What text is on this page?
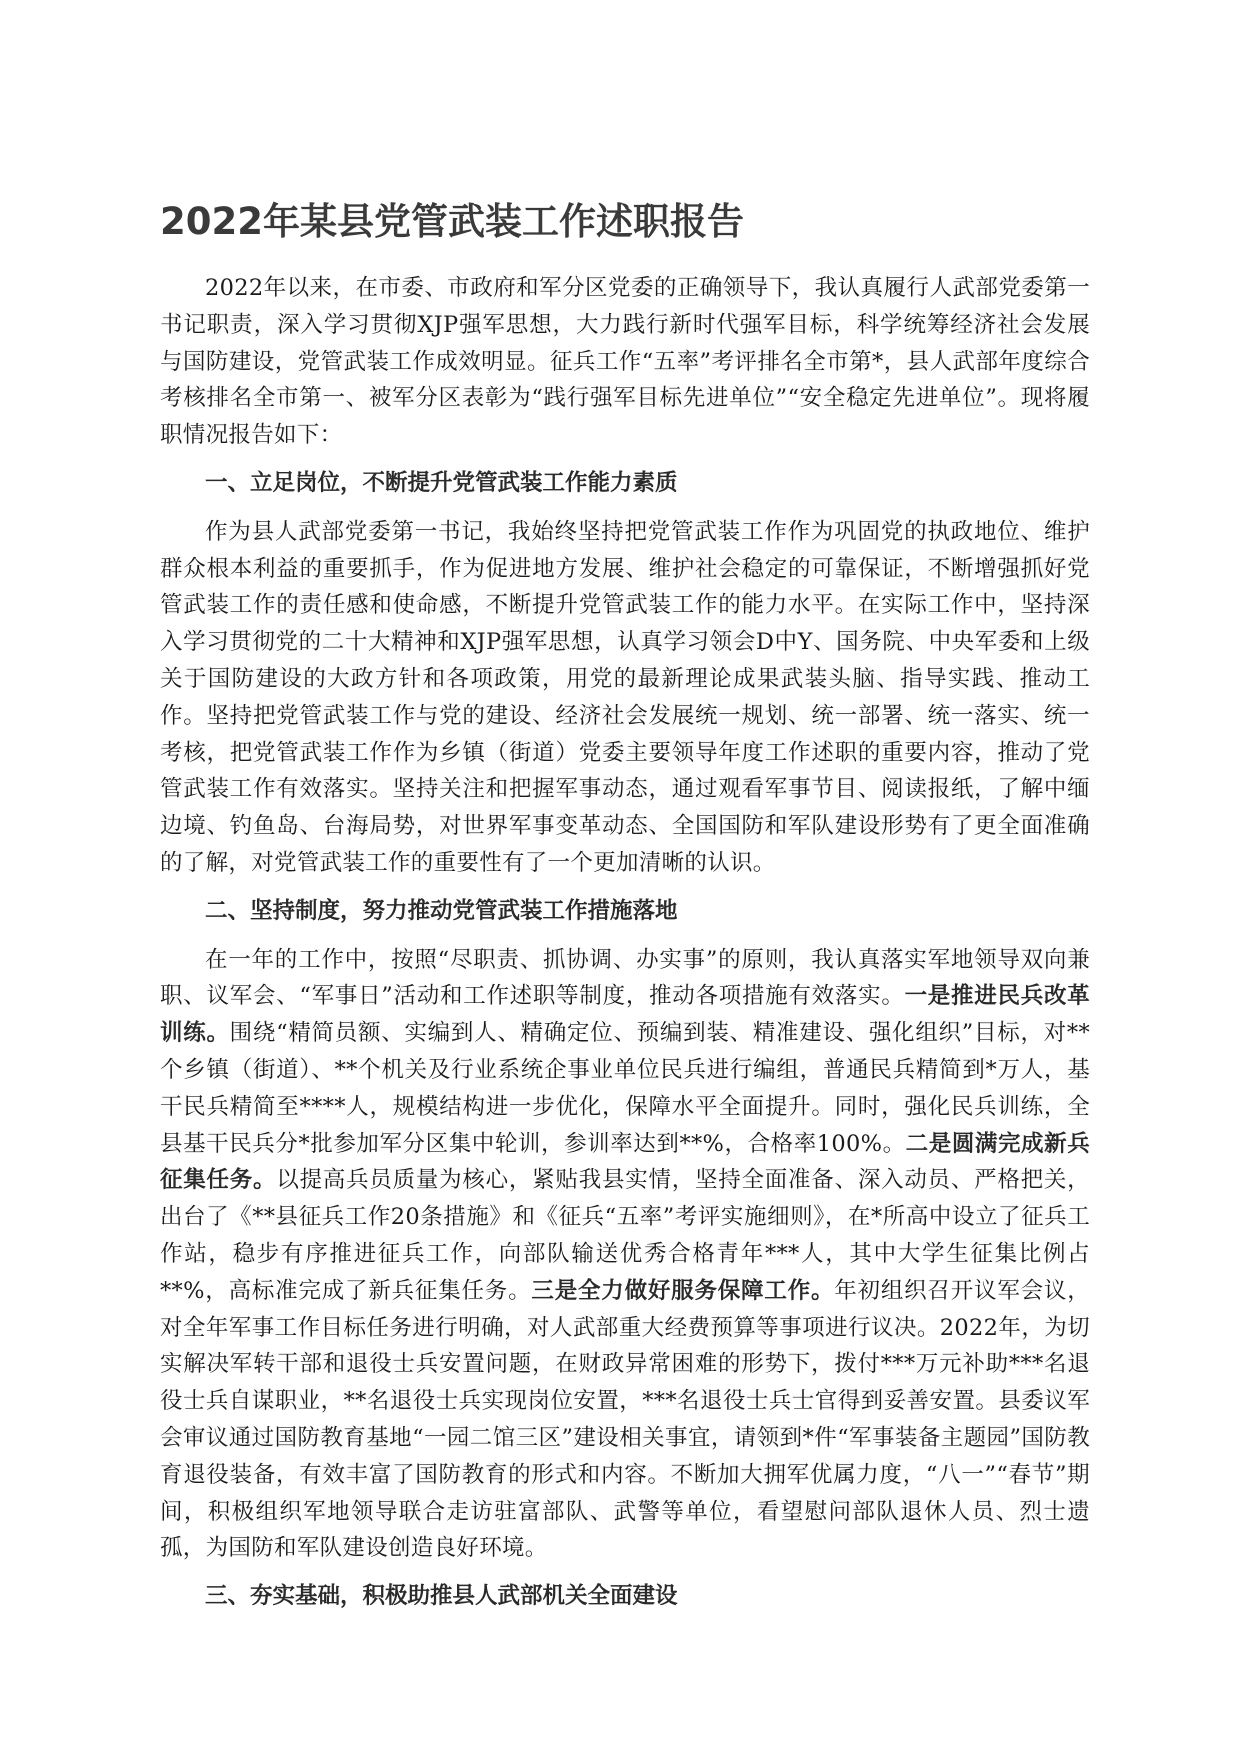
2022年某县党管武装工作述职报告

2022年以来，在市委、市政府和军分区党委的正确领导下，我认真履行人武部党委第一书记职责，深入学习贯彻XJP强军思想，大力践行新时代强军目标，科学统筹经济社会发展与国防建设，党管武装工作成效明显。征兵工作“五率”考评排名全市第*，县人武部年度综合考核排名全市第一、被军分区表彰为“践行强军目标先进单位”“安全稳定先进单位”。现将履职情况报告如下：

一、立足岗位，不断提升党管武装工作能力素质

作为县人武部党委第一书记，我始终坚持把党管武装工作作为巩固党的执政地位、维护群众根本利益的重要抓手，作为促进地方发展、维护社会稳定的可靠保证，不断增强抓好党管武装工作的责任感和使命感，不断提升党管武装工作的能力水平。在实际工作中，坚持深入学习贯彻党的二十大精神和XJP强军思想，认真学习领会D中Y、国务院、中央军委和上级关于国防建设的大政方针和各项政策，用党的最新理论成果武装头脑、指导实践、推动工作。坚持把党管武装工作与党的建设、经济社会发展统一规划、统一部署、统一落实、统一考核，把党管武装工作作为乡镇（街道）党委主要领导年度工作述职的重要内容，推动了党管武装工作有效落实。坚持关注和把握军事动态，通过观看军事节目、阅读报纸，了解中缅边境、钓鱼岛、台海局势，对世界军事变革动态、全国国防和军队建设形势有了更全面准确的了解，对党管武装工作的重要性有了一个更加清晰的认识。

二、坚持制度，努力推动党管武装工作措施落地

在一年的工作中，按照“尽职责、抓协调、办实事”的原则，我认真落实军地领导双向兼职、议军会、“军事日”活动和工作述职等制度，推动各项措施有效落实。一是推进民兵改革训练。围绕“精简员额、实编到人、精确定位、预编到装、精准建设、强化组织”目标，对**个乡镇（街道）、**个机关及行业系统企事业单位民兵进行编组，普通民兵精简到*万人，基干民兵精简至****人，规模结构进一步优化，保障水平全面提升。同时，强化民兵训练，全县基干民兵分*批参加军分区集中轮训，参训率达到**%，合格率100%。二是圆满完成新兵征集任务。以提高兵员质量为核心，紧贴我县实情，坚持全面准备、深入动员、严格把关，出台了《**县征兵工作20条措施》和《征兵“五率”考评实施细则》，在*所高中设立了征兵工作站，稳步有序推进征兵工作，向部队输送优秀合格青年***人，其中大学生征集比例占**%，高标准完成了新兵征集任务。三是全力做好服务保障工作。年初组织召开议军会议，对全年军事工作目标任务进行明确，对人武部重大经费预算等事项进行议决。2022年，为切实解决军转干部和退役士兵安置问题，在财政异常困难的形势下，拨付***万元补助***名退役士兵自谋职业，**名退役士兵实现岗位安置，***名退役士兵士官得到妥善安置。县委议军会审议通过国防教育基地“一园二馆三区”建设相关事宜，请领到*件“军事装备主题园”国防教育退役装备，有效丰富了国防教育的形式和内容。不断加大拥军优属力度，“八一”“春节”期间，积极组织军地领导联合走访驻富部队、武警等单位，看望慰问部队退休人员、烈士遗孤，为国防和军队建设创造良好环境。

三、夯实基础，积极助推县人武部机关全面建设
